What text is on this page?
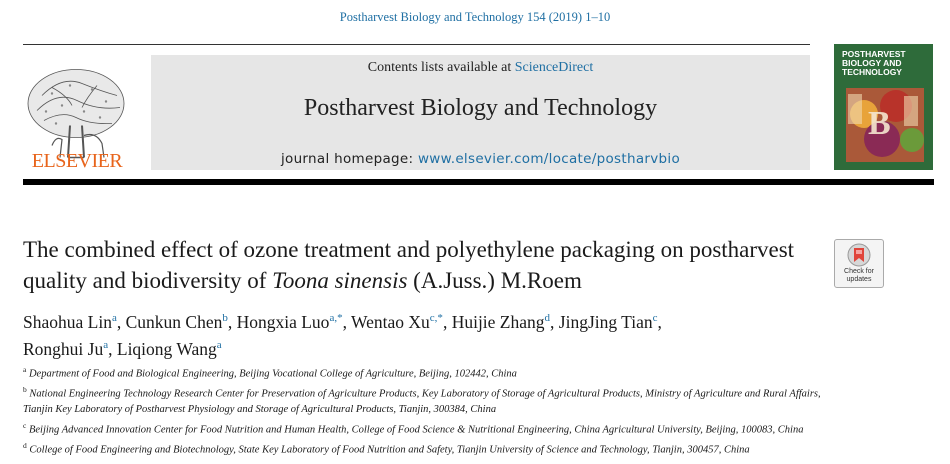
Postharvest Biology and Technology 154 (2019) 1–10
ELSEVIER
Contents lists available at ScienceDirect
Postharvest Biology and Technology
journal homepage: www.elsevier.com/locate/postharvbio
POSTHARVEST
BIOLOGY AND
TECHNOLOGY
B
The combined effect of ozone treatment and polyethylene packaging on postharvest quality and biodiversity of Toona sinensis (A.Juss.) M.Roem	Check for updates
Shaohua Lin$^a$, Cunkun Chen$^b$, Hongxia Luo$^{a,*}$, Wentao $Xu^{c,*}$, Huijie Zhang$^d$, JingJing Tian$^c$,
Ronghui Ju$^a$, Liqiong Wang$^a$

$^a$ Department of Food and Biological Engineering, Beijing Vocational College of Agriculture, Beijing, 102442, China

$^b$ National Engineering Technology Research Center for Preservation of Agriculture Products, Key Laboratory of Storage of Agricultural Products, Ministry of Agriculture and Rural Affairs, Tianjin Key Laboratory of Postharvest Physiology and Storage of Agricultural Products, Tianjin, 300384, China

$^c$ Beijing Advanced Innovation Center for Food Nutrition and Human Health, College of Food Science & Nutritional Engineering, China Agricultural University, Beijing, 100083, China

$^d$ College of Food Engineering and Biotechnology, State Key Laboratory of Food Nutrition and Safety, Tianjin University of Science and Technology, Tianjin, 300457, China
